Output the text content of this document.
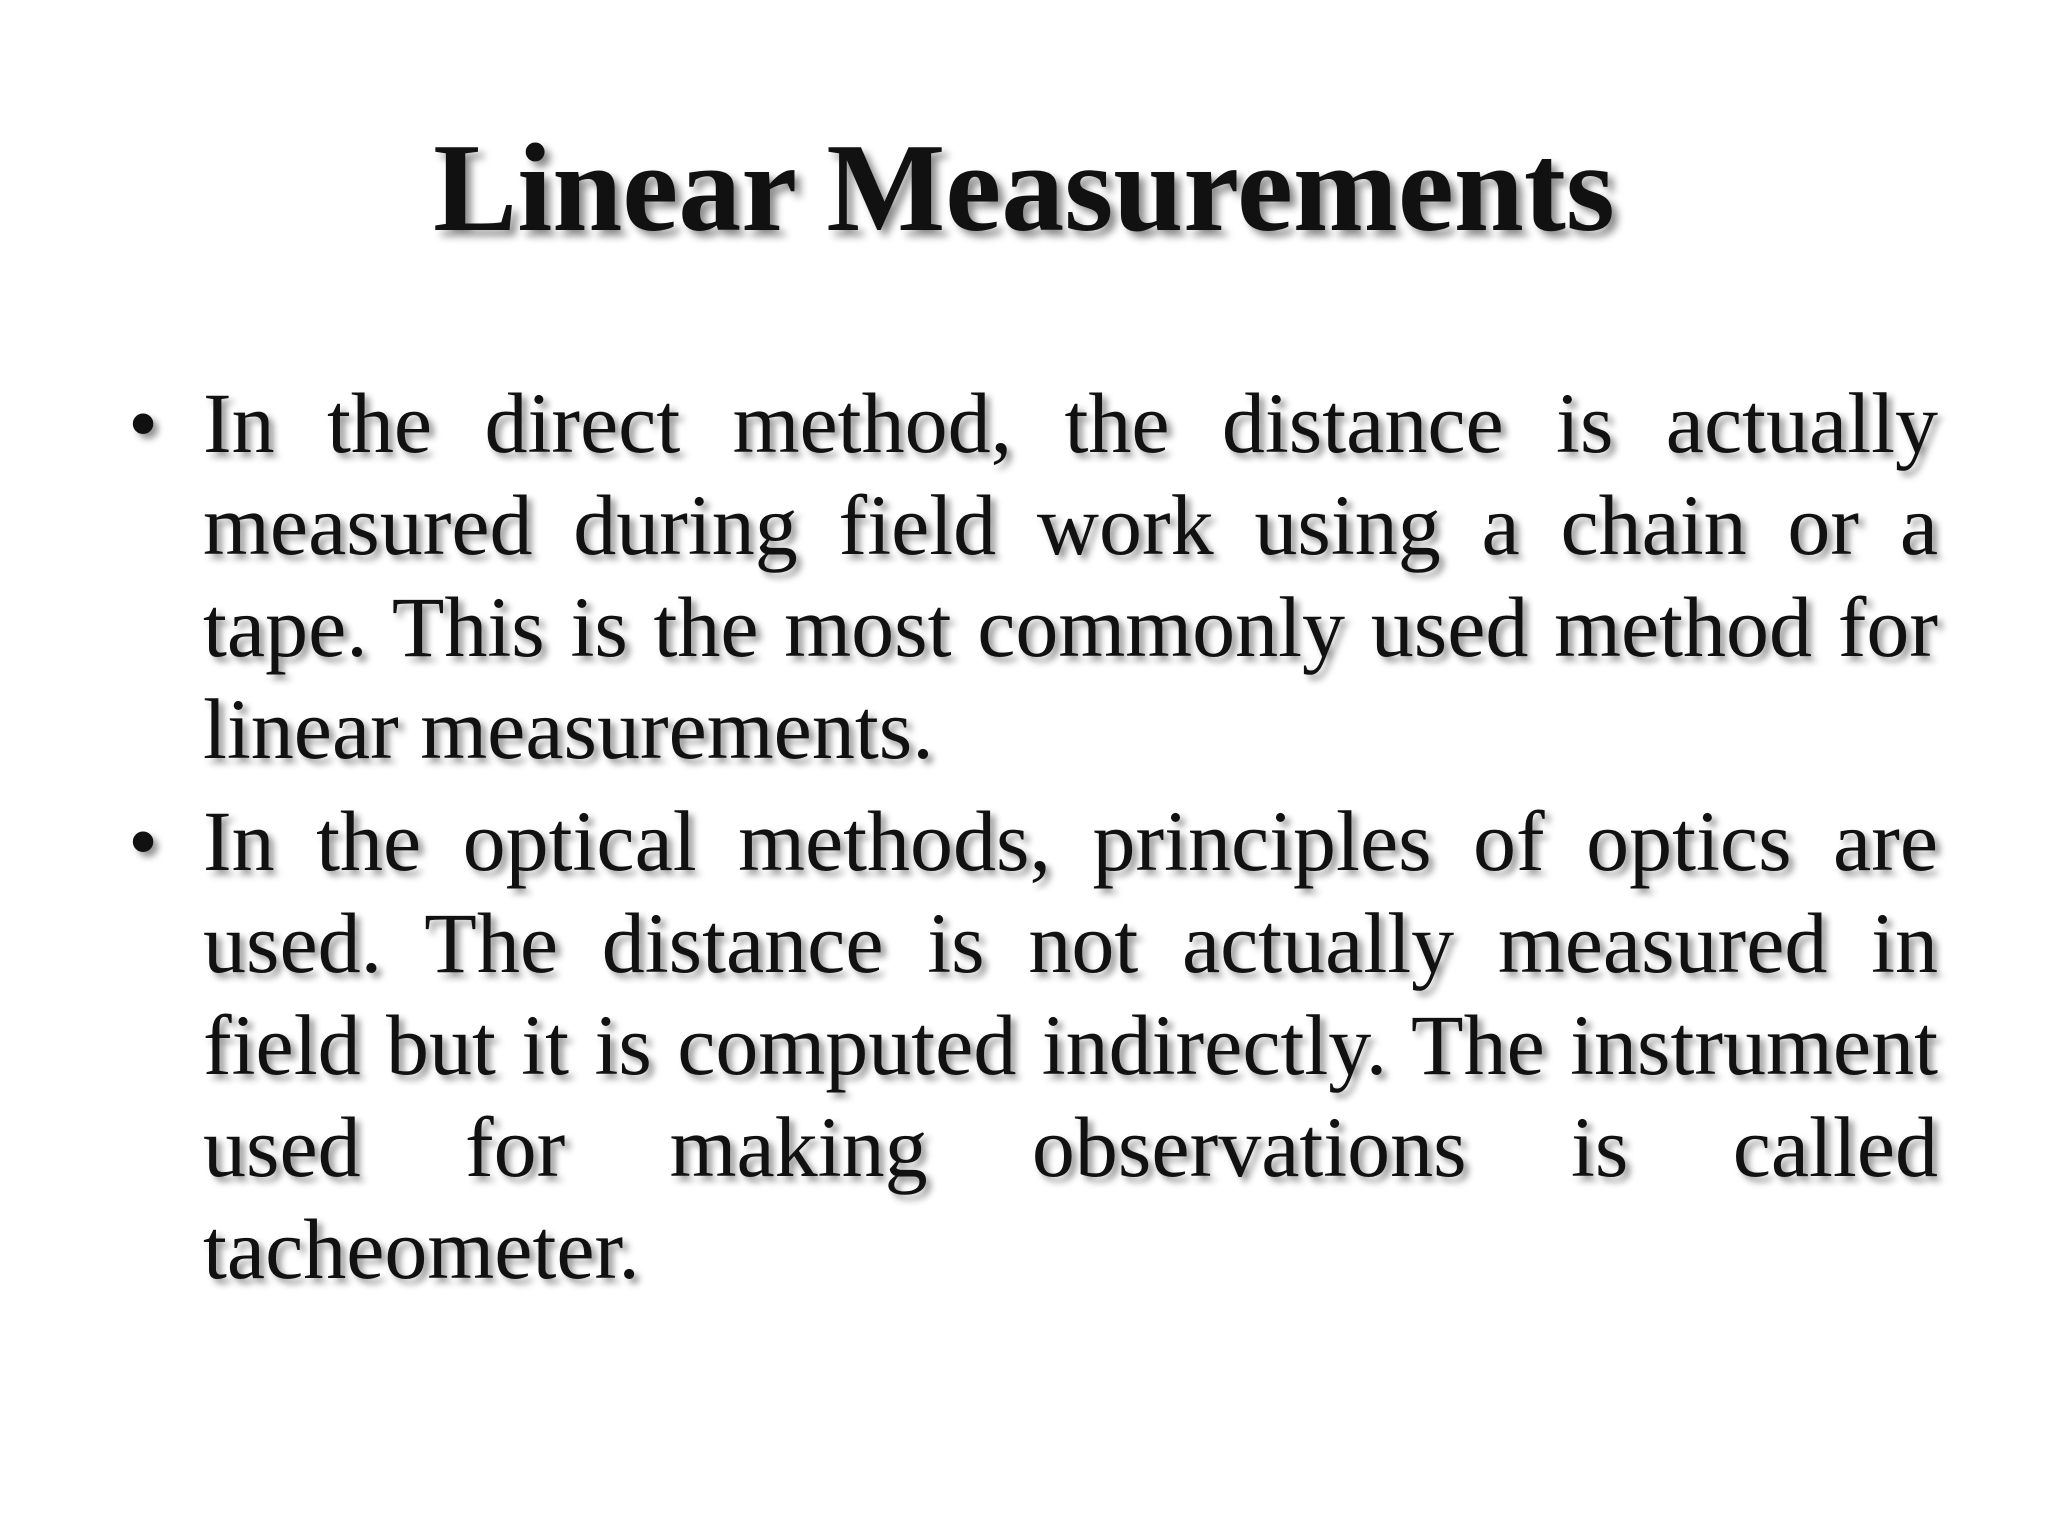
Linear Measurements
• In the direct method, the distance is actually measured during field work using a chain or a tape. This is the most commonly used method for linear measurements.
• In the optical methods, principles of optics are used. The distance is not actually measured in field but it is computed indirectly. The instrument used for making observations is called tacheometer.
